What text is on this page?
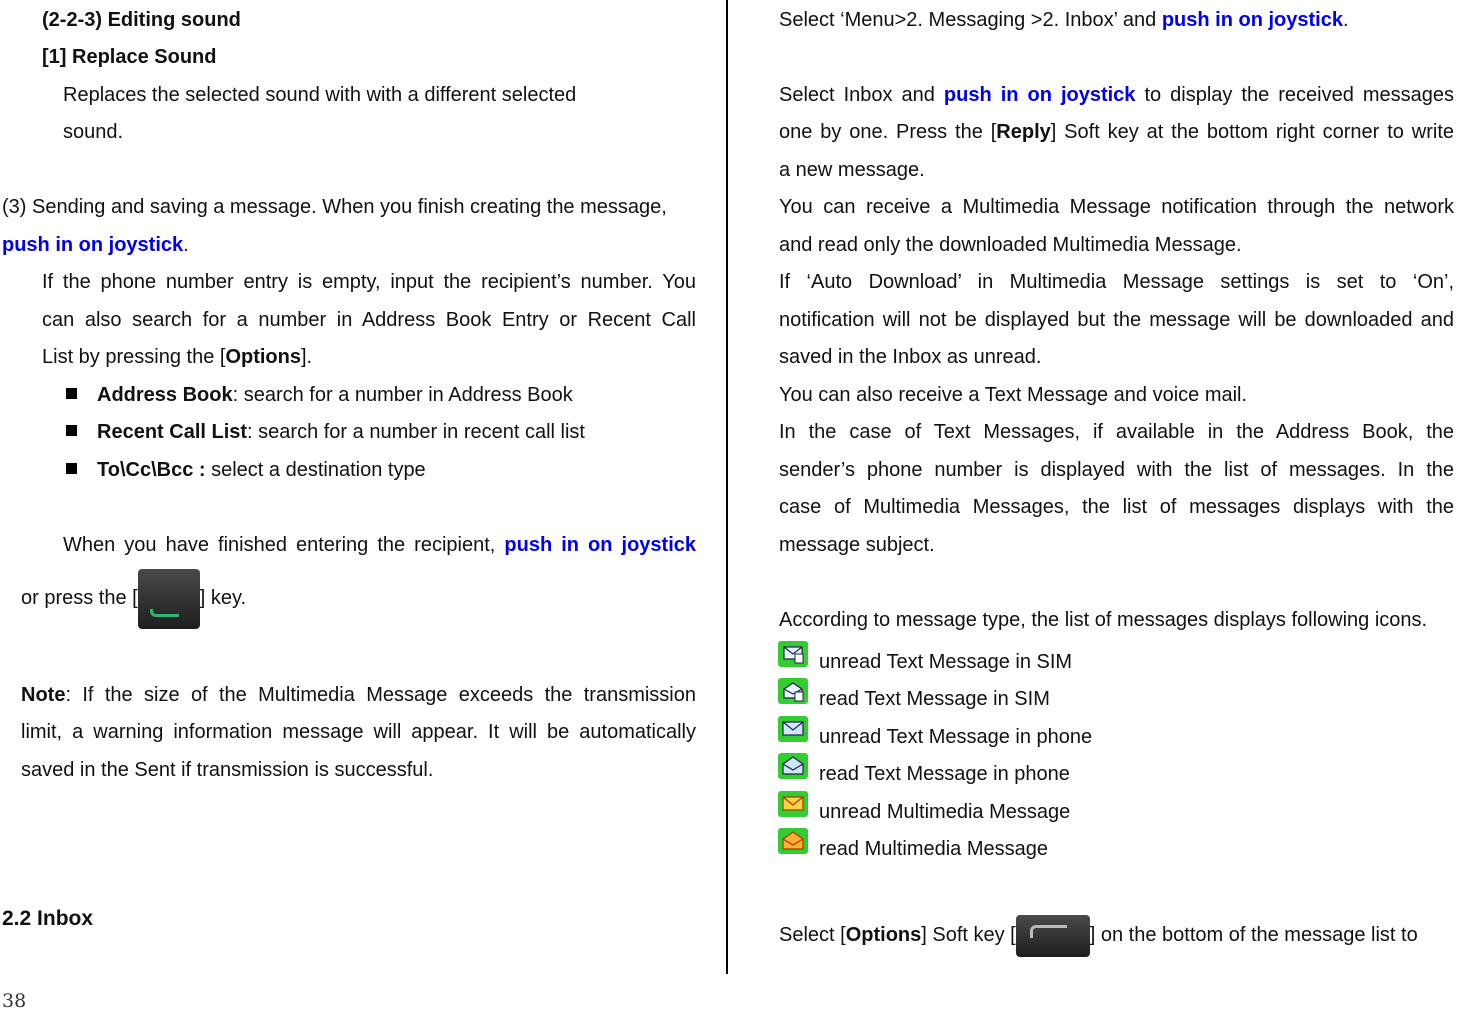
(2-2-3) Editing sound
[1] Replace Sound
Replaces the selected sound with with a different selected
sound.
(3) Sending and saving a message. When you finish creating the message,
push in on joystick.
If the phone number entry is empty, input the recipient’s number. You
can also search for a number in Address Book Entry or Recent Call
List by pressing the [Options].
Address Book: search for a number in Address Book
Recent Call List: search for a number in recent call list
To\Cc\Bcc : select a destination type
When you have finished entering the recipient, push in on joystick
or press the [	] key.
Note: If the size of the Multimedia Message exceeds the transmission
limit, a warning information message will appear. It will be automatically
saved in the Sent if transmission is successful.
2.2 Inbox
38
Select ‘Menu>2. Messaging >2. Inbox’ and push in on joystick.
Select Inbox and push in on joystick to display the received messages
one by one. Press the [Reply] Soft key at the bottom right corner to write
a new message.
You can receive a Multimedia Message notification through the network
and read only the downloaded Multimedia Message.
If ‘Auto Download’ in Multimedia Message settings is set to ‘On’,
notification will not be displayed but the message will be downloaded and
saved in the Inbox as unread.
You can also receive a Text Message and voice mail.
In the case of Text Messages, if available in the Address Book, the
sender’s phone number is displayed with the list of messages. In the
case of Multimedia Messages, the list of messages displays with the
message subject.
According to message type, the list of messages displays following icons.
unread Text Message in SIM
read Text Message in SIM
unread Text Message in phone
read Text Message in phone
unread Multimedia Message
read Multimedia Message
Select [Options] Soft key [	] on the bottom of the message list to
